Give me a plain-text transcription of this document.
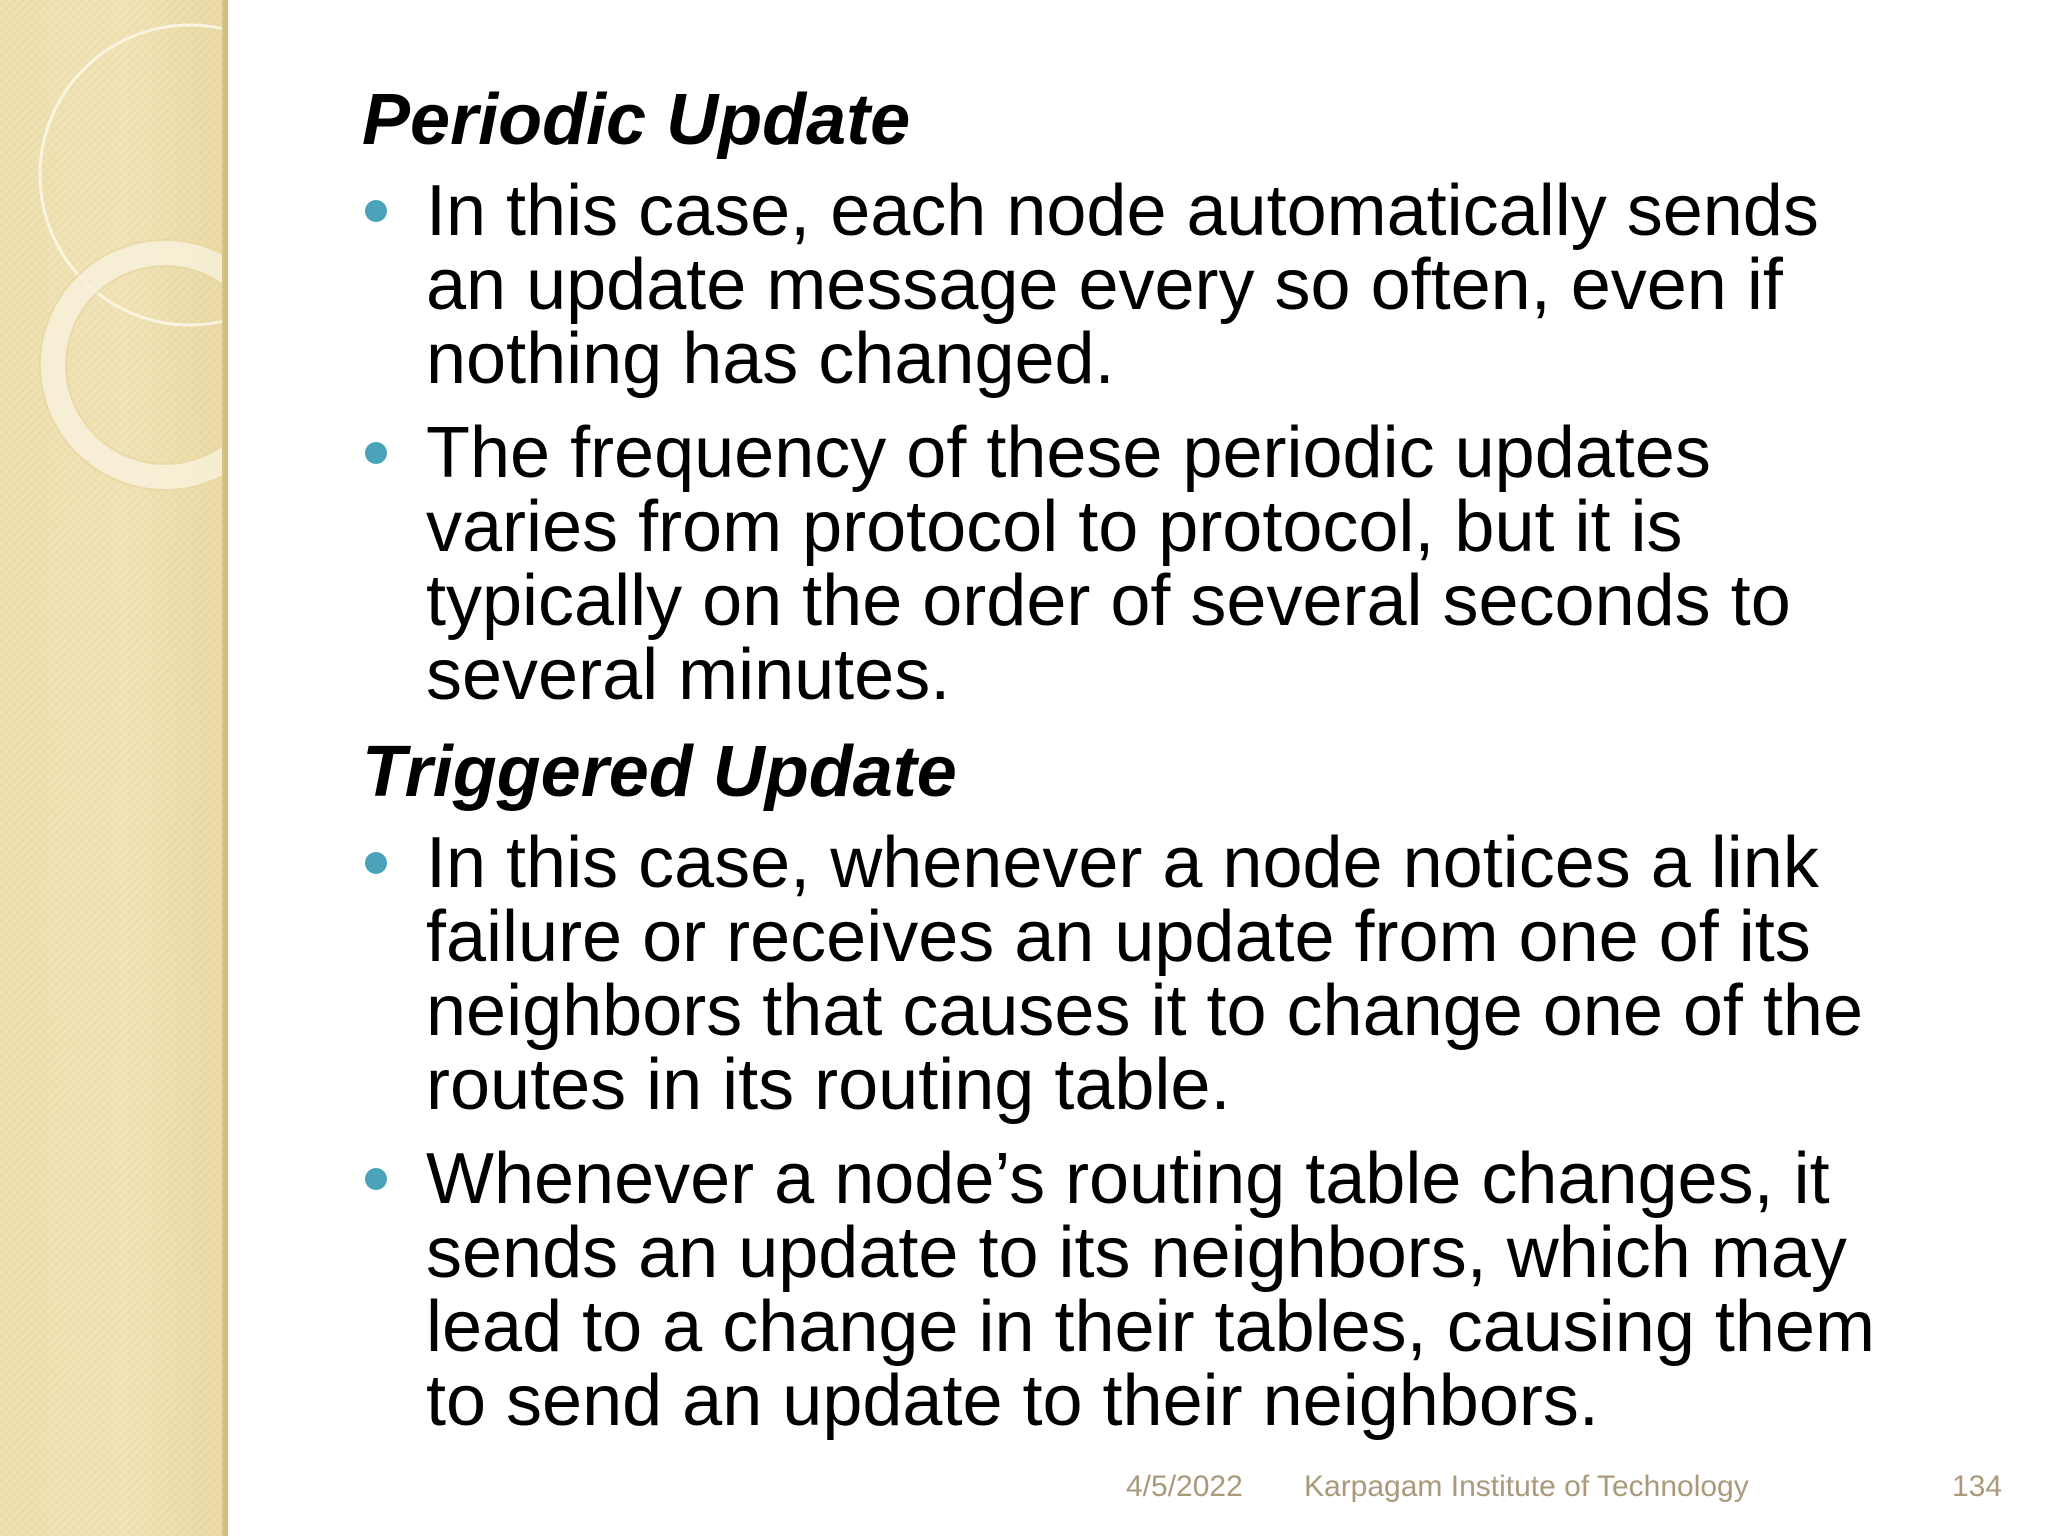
Periodic Update
In this case, each node automatically sends
an update message every so often, even if
nothing has changed.
The frequency of these periodic updates
varies from protocol to protocol, but it is
typically on the order of several seconds to
several minutes.
Triggered Update
In this case, whenever a node notices a link
failure or receives an update from one of its
neighbors that causes it to change one of the
routes in its routing table.
Whenever a node’s routing table changes, it
sends an update to its neighbors, which may
lead to a change in their tables, causing them
to send an update to their neighbors.
4/5/2022 Karpagam Institute of Technology	134
